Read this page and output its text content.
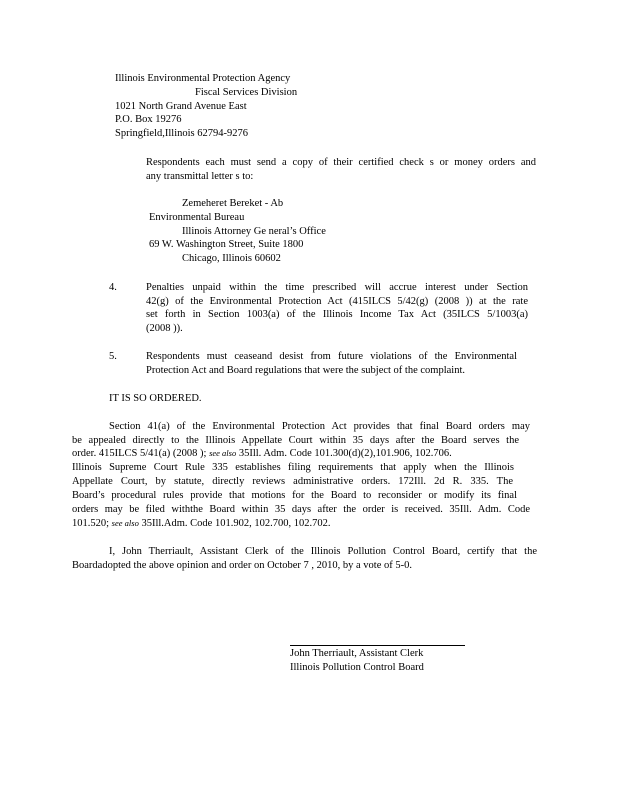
Illinois Environmental Protection Agency
Fiscal Services Division
1021 North Grand Avenue East
P.O. Box 19276
Springfield,Illinois 62794-9276
Respondents each must send a copy of their certified check s or money orders and
any transmittal letter s to:
Zemeheret Bereket - Ab
Environmental Bureau
Illinois Attorney Ge neral’s Office
69 W. Washington Street, Suite 1800
Chicago, Illinois 60602
4.	Penalties unpaid within the time prescribed will accrue interest under Section
42(g) of the Environmental Protection Act (415ILCS 5/42(g) (2008 )) at the rate
set forth in Section 1003(a) of the Illinois Income Tax Act (35ILCS 5/1003(a)
(2008 )).
5.	Respondents must ceaseand desist from future violations of the Environmental
Protection Act and Board regulations that were the subject of the complaint.
IT IS SO ORDERED.
Section 41(a) of the Environmental Protection Act provides that final Board orders may
be appealed directly to the Illinois Appellate Court within 35 days after the Board serves the
order. 415ILCS 5/41(a) (2008 ); see also 35Ill. Adm. Code 101.300(d)(2),101.906, 102.706.
Illinois Supreme Court Rule 335 establishes filing requirements that apply when the Illinois
Appellate Court, by statute, directly reviews administrative orders. 172Ill. 2d R. 335. The
Board’s procedural rules provide that motions for the Board to reconsider or modify its final
orders may be filed withthe Board within 35 days after the order is received. 35Ill. Adm. Code
101.520; see also 35Ill.Adm. Code 101.902, 102.700, 102.702.
I, John Therriault, Assistant Clerk of the Illinois Pollution Control Board, certify that the
Boardadopted the above opinion and order on October 7 , 2010, by a vote of 5-0.
John Therriault, Assistant Clerk
Illinois Pollution Control Board
